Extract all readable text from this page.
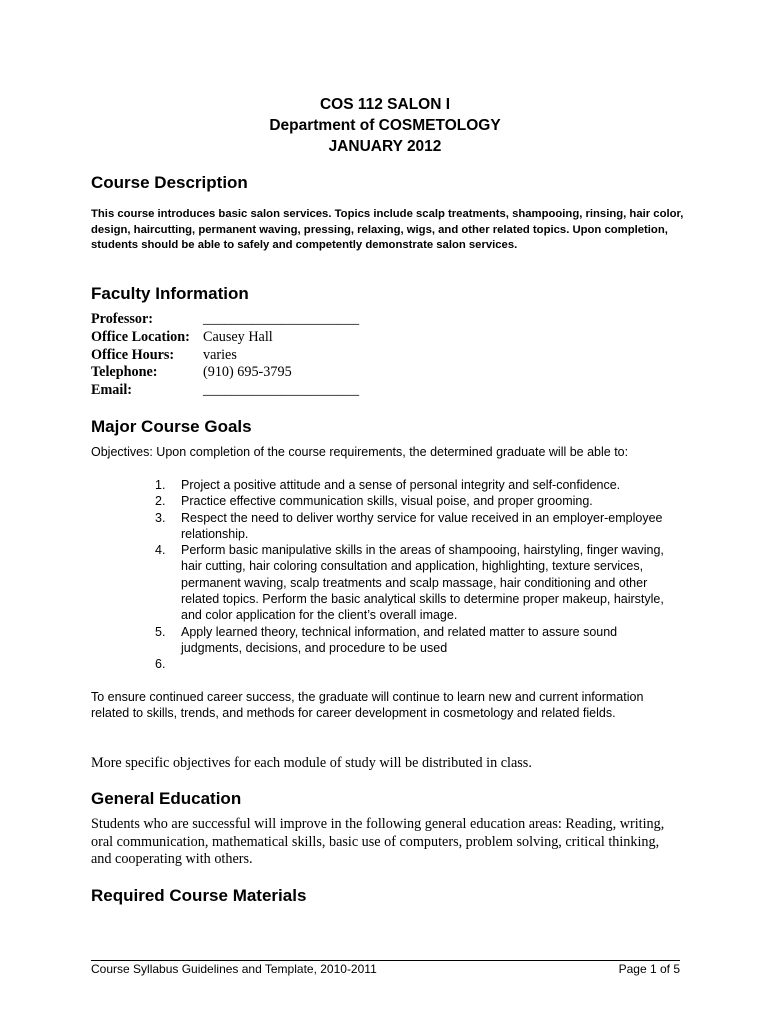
COS 112 SALON I
Department of COSMETOLOGY
JANUARY 2012
Course Description
This course introduces basic salon services. Topics include scalp treatments, shampooing, rinsing, hair color, design, haircutting, permanent waving, pressing, relaxing, wigs, and other related topics. Upon completion, students should be able to safely and competently demonstrate salon services.
Faculty Information
Professor:	______________________
Office Location: Causey Hall
Office Hours: varies
Telephone:	(910) 695-3795
Email:	______________________
Major Course Goals
Objectives: Upon completion of the course requirements, the determined graduate will be able to:
1. Project a positive attitude and a sense of personal integrity and self-confidence.
2. Practice effective communication skills, visual poise, and proper grooming.
3. Respect the need to deliver worthy service for value received in an employer-employee relationship.
4. Perform basic manipulative skills in the areas of shampooing, hairstyling, finger waving, hair cutting, hair coloring consultation and application, highlighting, texture services, permanent waving, scalp treatments and scalp massage, hair conditioning and other related topics. Perform the basic analytical skills to determine proper makeup, hairstyle, and color application for the client’s overall image.
5. Apply learned theory, technical information, and related matter to assure sound judgments, decisions, and procedure to be used
6.
To ensure continued career success, the graduate will continue to learn new and current information related to skills, trends, and methods for career development in cosmetology and related fields.
More specific objectives for each module of study will be distributed in class.
General Education
Students who are successful will improve in the following general education areas: Reading, writing, oral communication, mathematical skills, basic use of computers, problem solving, critical thinking, and cooperating with others.
Required Course Materials
Course Syllabus Guidelines and Template, 2010-2011	Page 1 of 5
